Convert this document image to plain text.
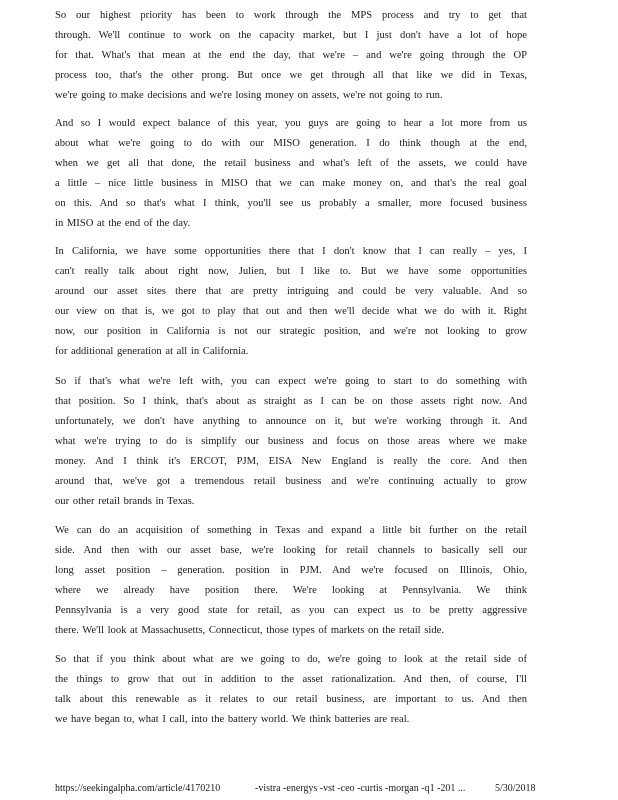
So our highest priority has been to work through the MPS process and try to get that
through. We'll continue to work on the capacity market, but I just don't have a lot of hope
for that. What's that mean at the end the day, that we're – and we're going through the OP
process too, that's the other prong. But once we get through all that like we did in Texas,
we're going to make decisions and we're losing money on assets, we're not going to run.
And so I would expect balance of this year, you guys are going to hear a lot more from us
about what we're going to do with our MISO generation. I do think though at the end,
when we get all that done, the retail business and what's left of the assets, we could have
a little – nice little business in MISO that we can make money on, and that's the real goal
on this. And so that's what I think, you'll see us probably a smaller, more focused business
in MISO at the end of the day.
In California, we have some opportunities there that I don't know that I can really – yes, I
can't really talk about right now, Julien, but I like to. But we have some opportunities
around our asset sites there that are pretty intriguing and could be very valuable. And so
our view on that is, we got to play that out and then we'll decide what we do with it. Right
now, our position in California is not our strategic position, and we're not looking to grow
for additional generation at all in California.
So if that's what we're left with, you can expect we're going to start to do something with
that position. So I think, that's about as straight as I can be on those assets right now. And
unfortunately, we don't have anything to announce on it, but we're working through it. And
what we're trying to do is simplify our business and focus on those areas where we make
money. And I think it's ERCOT, PJM, EISA New England is really the core. And then
around that, we've got a tremendous retail business and we're continuing actually to grow
our other retail brands in Texas.
We can do an acquisition of something in Texas and expand a little bit further on the retail
side. And then with our asset base, we're looking for retail channels to basically sell our
long asset position – generation. position in PJM. And we're focused on Illinois, Ohio,
where we already have position there. We're looking at Pennsylvania. We think
Pennsylvania is a very good state for retail, as you can expect us to be pretty aggressive
there. We'll look at Massachusetts, Connecticut, those types of markets on the retail side.
So that if you think about what are we going to do, we're going to look at the retail side of
the things to grow that out in addition to the asset rationalization. And then, of course, I'll
talk about this renewable as it relates to our retail business, are important to us. And then
we have began to, what I call, into the battery world. We think batteries are real.
https://seekingalpha.com/article/4170210	-vistra -energys -vst -ceo -curtis -morgan -q1 -201 ...	5/30/2018
